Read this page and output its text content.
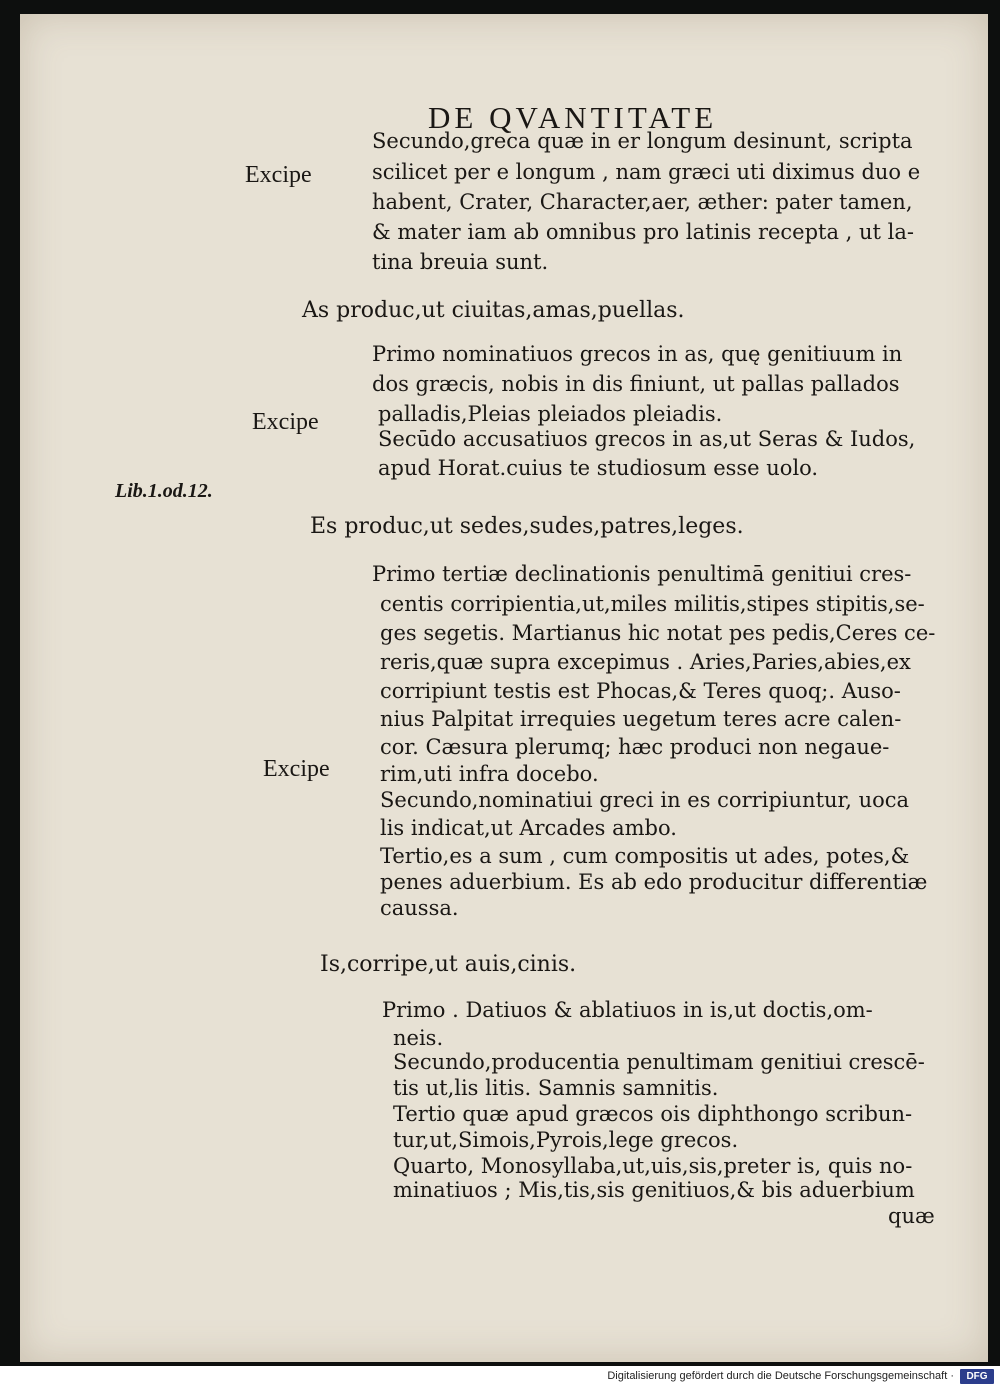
DE QVANTITATE
Excipe
Secundo,greca quæ in er longum desinunt, scripta
scilicet per e longum , nam græci uti diximus duo e
habent, Crater, Character,aer, æther: pater tamen,
& mater iam ab omnibus pro latinis recepta , ut la-
tina breuia sunt.
As produc,ut ciuitas,amas,puellas.
Excipe
Primo nominatiuos grecos in as, quę genitiuum in
dos græcis, nobis in dis finiunt, ut pallas pallados
palladis,Pleias pleiados pleiadis.
Secūdo accusatiuos grecos in as,ut Seras & Iudos,
apud Horat.cuius te studiosum esse uolo.
Lib.1.od.12.
Es produc,ut sedes,sudes,patres,leges.
Excipe
Primo tertiæ declinationis penultimā genitiui cres-
centis corripientia,ut,miles militis,stipes stipitis,se-
ges segetis. Martianus hic notat pes pedis,Ceres ce-
reris,quæ supra excepimus . Aries,Paries,abies,ex
corripiunt testis est Phocas,& Teres quoq;. Auso-
nius Palpitat irrequies uegetum teres acre calen-
cor. Cæsura plerumq; hæc produci non negaue-
rim,uti infra docebo.
Secundo,nominatiui greci in es corripiuntur, uoca
lis indicat,ut Arcades ambo.
Tertio,es a sum , cum compositis ut ades, potes,&
penes aduerbium. Es ab edo producitur differentiæ
caussa.
Is,corripe,ut auis,cinis.
Primo . Datiuos & ablatiuos in is,ut doctis,om-
neis.
Secundo,producentia penultimam genitiui crescē-
tis ut,lis litis. Samnis samnitis.
Tertio quæ apud græcos ois diphthongo scribun-
tur,ut,Simois,Pyrois,lege grecos.
Quarto, Monosyllaba,ut,uis,sis,preter is, quis no-
minatiuos ; Mis,tis,sis genitiuos,& bis aduerbium
quæ
Digitalisierung gefördert durch die Deutsche Forschungsgemeinschaft ·	DFG
